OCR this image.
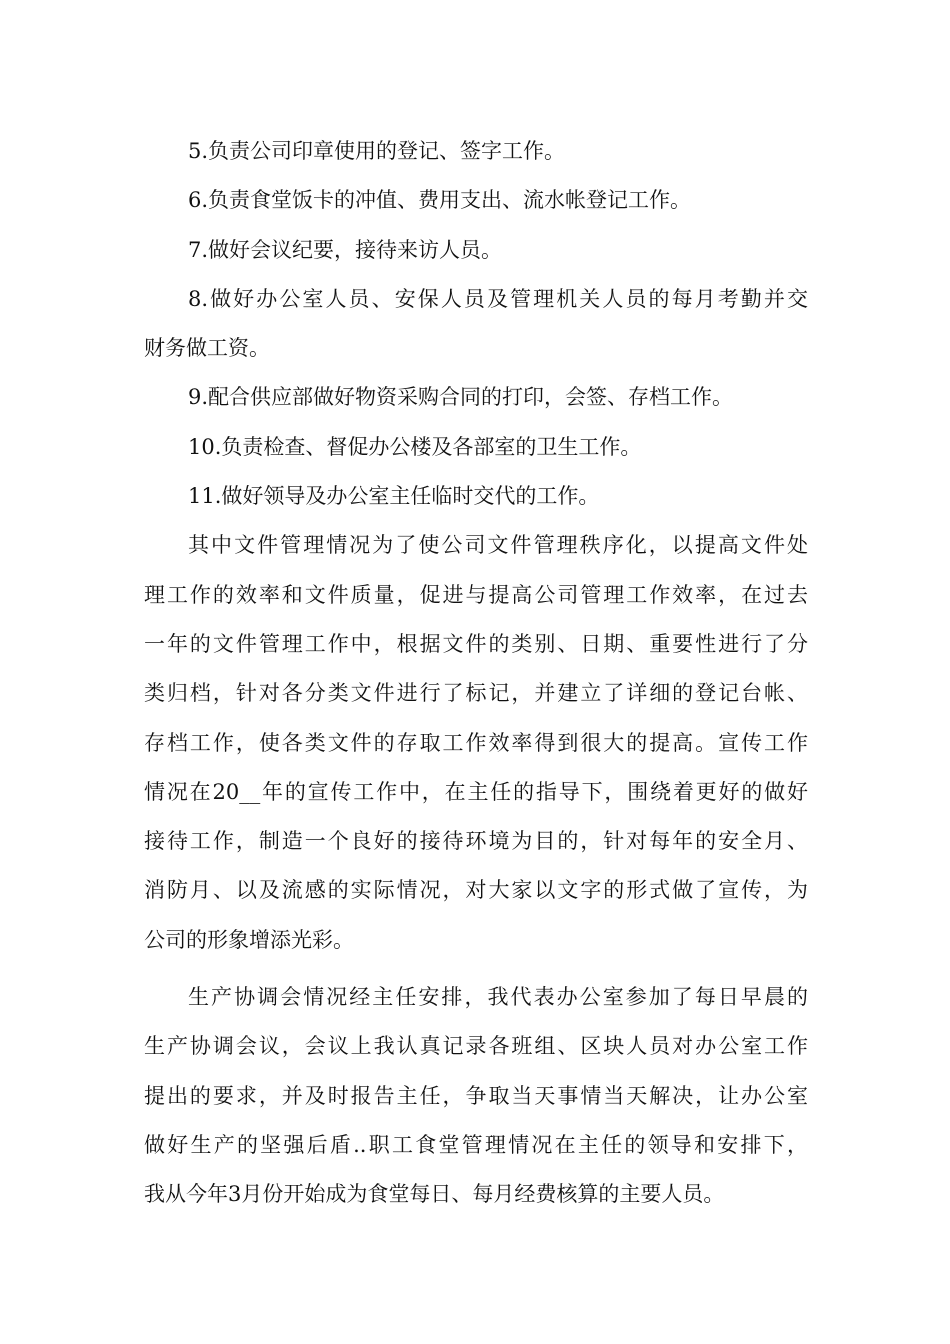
5.负责公司印章使用的登记、签字工作。
6.负责食堂饭卡的冲值、费用支出、流水帐登记工作。
7.做好会议纪要，接待来访人员。
8.做好办公室人员、安保人员及管理机关人员的每月考勤并交
财务做工资。
9.配合供应部做好物资采购合同的打印，会签、存档工作。
10.负责检查、督促办公楼及各部室的卫生工作。
11.做好领导及办公室主任临时交代的工作。
其中文件管理情况为了使公司文件管理秩序化，以提高文件处
理工作的效率和文件质量，促进与提高公司管理工作效率，在过去
一年的文件管理工作中，根据文件的类别、日期、重要性进行了分
类归档，针对各分类文件进行了标记，并建立了详细的登记台帐、
存档工作，使各类文件的存取工作效率得到很大的提高。宣传工作
情况在20__年的宣传工作中，在主任的指导下，围绕着更好的做好
接待工作，制造一个良好的接待环境为目的，针对每年的安全月、
消防月、以及流感的实际情况，对大家以文字的形式做了宣传，为
公司的形象增添光彩。
生产协调会情况经主任安排，我代表办公室参加了每日早晨的
生产协调会议，会议上我认真记录各班组、区块人员对办公室工作
提出的要求，并及时报告主任，争取当天事情当天解决，让办公室
做好生产的坚强后盾..职工食堂管理情况在主任的领导和安排下，
我从今年3月份开始成为食堂每日、每月经费核算的主要人员。
